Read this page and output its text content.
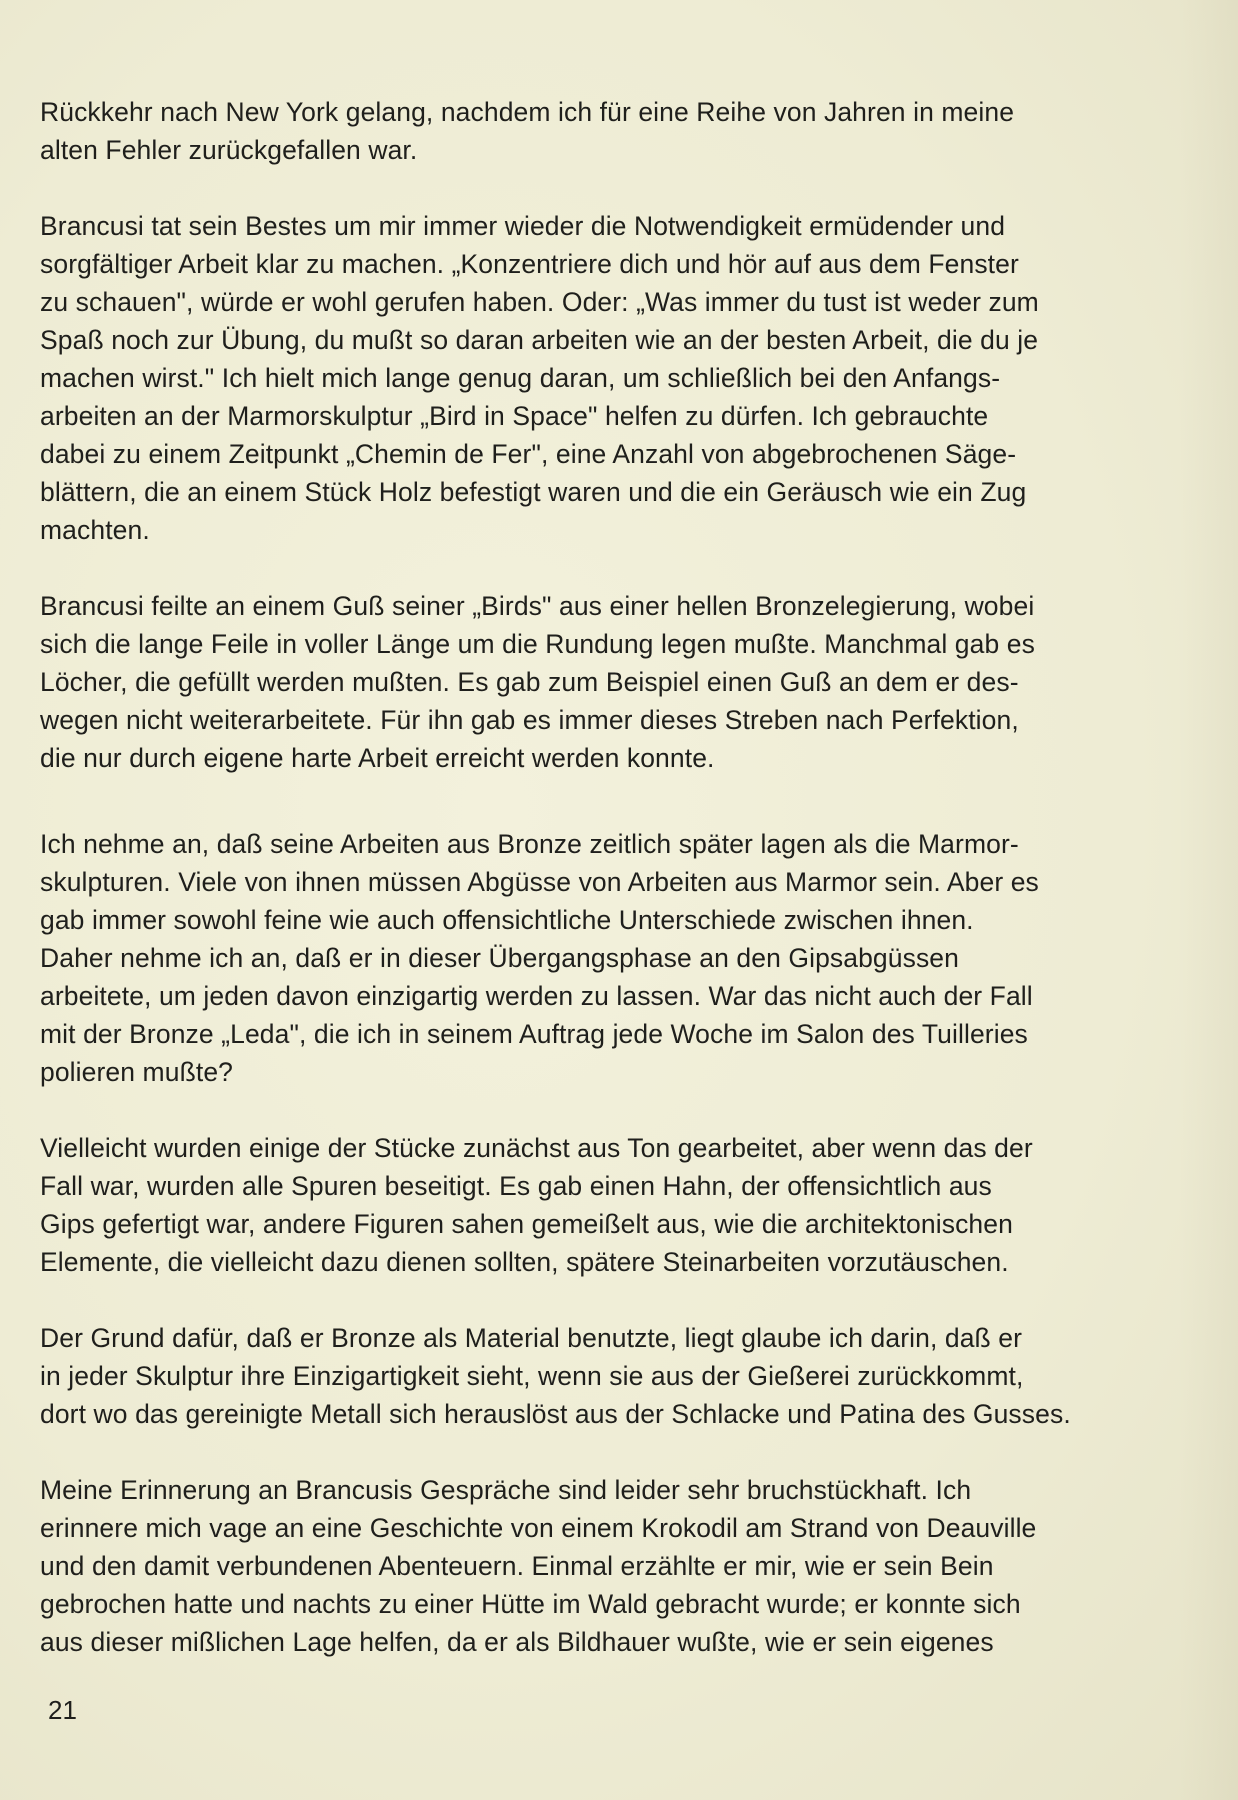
Rückkehr nach New York gelang, nachdem ich für eine Reihe von Jahren in meine
alten Fehler zurückgefallen war.

Brancusi tat sein Bestes um mir immer wieder die Notwendigkeit ermüdender und
sorgfältiger Arbeit klar zu machen. „Konzentriere dich und hör auf aus dem Fenster
zu schauen", würde er wohl gerufen haben. Oder: „Was immer du tust ist weder zum
Spaß noch zur Übung, du mußt so daran arbeiten wie an der besten Arbeit, die du je
machen wirst." Ich hielt mich lange genug daran, um schließlich bei den Anfangs-
arbeiten an der Marmorskulptur „Bird in Space" helfen zu dürfen. Ich gebrauchte
dabei zu einem Zeitpunkt „Chemin de Fer", eine Anzahl von abgebrochenen Säge-
blättern, die an einem Stück Holz befestigt waren und die ein Geräusch wie ein Zug
machten.

Brancusi feilte an einem Guß seiner „Birds" aus einer hellen Bronzelegierung, wobei
sich die lange Feile in voller Länge um die Rundung legen mußte. Manchmal gab es
Löcher, die gefüllt werden mußten. Es gab zum Beispiel einen Guß an dem er des-
wegen nicht weiterarbeitete. Für ihn gab es immer dieses Streben nach Perfektion,
die nur durch eigene harte Arbeit erreicht werden konnte.

Ich nehme an, daß seine Arbeiten aus Bronze zeitlich später lagen als die Marmor-
skulpturen. Viele von ihnen müssen Abgüsse von Arbeiten aus Marmor sein. Aber es
gab immer sowohl feine wie auch offensichtliche Unterschiede zwischen ihnen.
Daher nehme ich an, daß er in dieser Übergangsphase an den Gipsabgüssen
arbeitete, um jeden davon einzigartig werden zu lassen. War das nicht auch der Fall
mit der Bronze „Leda", die ich in seinem Auftrag jede Woche im Salon des Tuilleries
polieren mußte?

Vielleicht wurden einige der Stücke zunächst aus Ton gearbeitet, aber wenn das der
Fall war, wurden alle Spuren beseitigt. Es gab einen Hahn, der offensichtlich aus
Gips gefertigt war, andere Figuren sahen gemeißelt aus, wie die architektonischen
Elemente, die vielleicht dazu dienen sollten, spätere Steinarbeiten vorzutäuschen.

Der Grund dafür, daß er Bronze als Material benutzte, liegt glaube ich darin, daß er
in jeder Skulptur ihre Einzigartigkeit sieht, wenn sie aus der Gießerei zurückkommt,
dort wo das gereinigte Metall sich herauslöst aus der Schlacke und Patina des Gusses.

Meine Erinnerung an Brancusis Gespräche sind leider sehr bruchstückhaft. Ich
erinnere mich vage an eine Geschichte von einem Krokodil am Strand von Deauville
und den damit verbundenen Abenteuern. Einmal erzählte er mir, wie er sein Bein
gebrochen hatte und nachts zu einer Hütte im Wald gebracht wurde; er konnte sich
aus dieser mißlichen Lage helfen, da er als Bildhauer wußte, wie er sein eigenes

21
